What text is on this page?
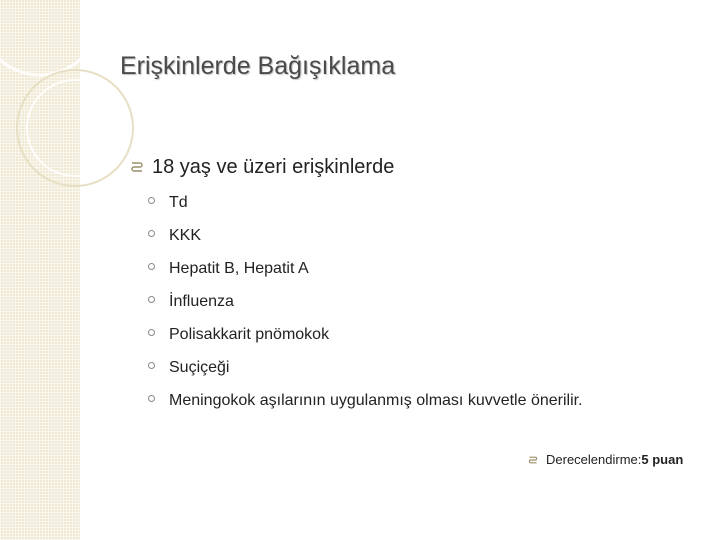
Erişkinlerde Bağışıklama
18 yaş ve üzeri erişkinlerde
Td
KKK
Hepatit B, Hepatit A
İnfluenza
Polisakkarit pnömokok
Suçiçeği
Meningokok aşılarının uygulanmış olması kuvvetle önerilir.
Derecelendirme:5 puan
